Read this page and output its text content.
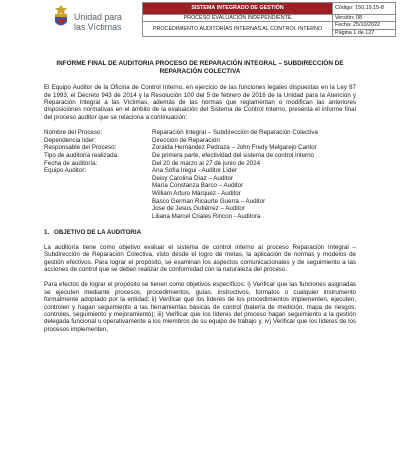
Unidad para
las Víctimas
SISTEMA INTEGRADO DE GESTIÓN	Código: 150,19,15-8
PROCESO EVALUACIÓN INDEPENDIENTE	Versión: 08
PROCEDIMIENTO AUDITORÍAS INTERNAS AL CONTROL INTERNO	Fecha: 25/10/2022
	Página 1 de 127
INFORME FINAL DE AUDITORIA PROCESO DE REPARACIÓN INTEGRAL – SUBDIRECCIÓN DE REPARACIÓN COLECTIVA

El Equipo Auditor de la Oficina de Control Interno, en ejercicio de las funciones legales dispuestas en la Ley 87 de 1993, el Decreto 943 de 2014 y la Resolución 100 del 5 de febrero de 2016 de la Unidad para la Atención y Reparación Integral a las Víctimas, además de las normas que reglamentan o modifican las anteriores disposiciones normativas en el ámbito de la evaluación del Sistema de Control Interno, presenta el informe final del proceso auditor que se relaciona a continuación:

Nombre del Proceso:	Reparación Integral – Subdirección de Reparación Colectiva
Dependencia líder:	Dirección de Reparación
Responsable del Proceso:	Zoraida Hernández Pedraza – John Fredy Melgarejo Cantor
Tipo de auditoría realizada:	De primera parte, efectividad del sistema de control interno
Fecha de auditoría:	Del 20 de marzo al 27 de junio de 2024
Equipo Auditor:	Ana Sofía Iregui - Auditor Líder
Deisy Carolina Díaz – Auditor
María Constanza Barco – Auditor
William Arturo Márquez - Auditor
Basco German Ricaurte Guerra – Auditor
Jose de Jesús Gutiérrez – Auditor
Liliana Marcel Criales Rincon - Auditora
1. OBJETIVO DE LA AUDITORIA

La auditoría tiene como objetivo evaluar el sistema de control interno al proceso Reparación Integral – Subdirección de Reparación Colectiva, visto desde el logro de metas, la aplicación de normas y modelos de gestión efectivos. Para lograr el propósito, se examinan los aspectos comunicacionales y de seguimiento a las acciones de control que se deben realizar de conformidad con la naturaleza del proceso.

Para efectos de lograr el propósito se tienen como objetivos específicos: i) Verificar que las funciones asignadas se ejecuten mediante procesos, procedimientos, guías, instructivos, formatos o cualquier instrumento formalmente adoptado por la entidad; ii) Verificar que los líderes de los procedimientos implementen, ejecuten, controlen y hagan seguimiento a las herramientas básicas de control (batería de medición, mapa de riesgos, controles, seguimiento y mejoramiento); iii) Verificar que los líderes del proceso hagan seguimiento a la gestión delegada funcional u operativamente a los miembros de su equipo de trabajo y, iv) Verificar que los líderes de los procesos implementen,
